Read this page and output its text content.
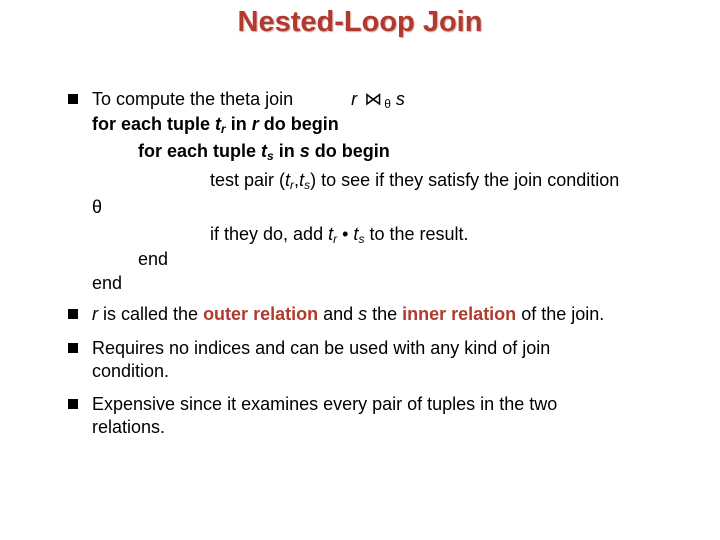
Nested-Loop Join
To compute the theta join	r ⋈ $_\theta$ s
for each tuple $t_r$ in r do begin
for each tuple $t_s$ in s do begin
test pair $(t_r,t_s)$ to see if they satisfy the join condition
θ
if they do, add $t_r$ • $t_s$ to the result.
end
end
r is called the outer relation and s the inner relation of the join.
Requires no indices and can be used with any kind of join
condition.
Expensive since it examines every pair of tuples in the two
relations.
